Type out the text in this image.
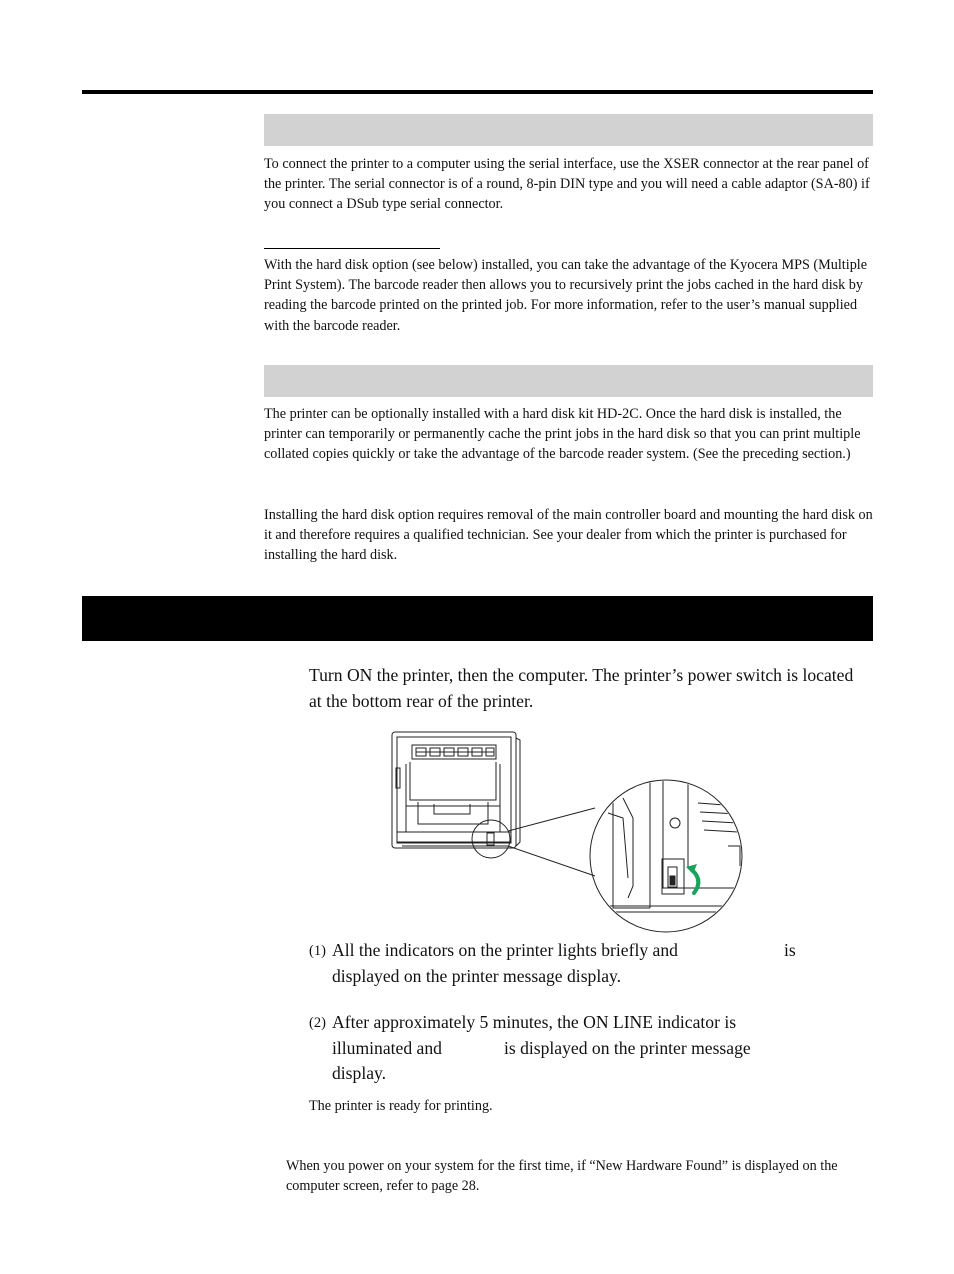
To connect the printer to a computer using the serial interface, use the XSER connector at the rear panel of the printer. The serial connector is of a round, 8-pin DIN type and you will need a cable adaptor (SA-80) if you connect a DSub type serial connector.

With the hard disk option (see below) installed, you can take the advantage of the Kyocera MPS (Multiple Print System). The barcode reader then allows you to recursively print the jobs cached in the hard disk by reading the barcode printed on the printed job. For more information, refer to the user’s manual supplied with the barcode reader.

The printer can be optionally installed with a hard disk kit HD-2C. Once the hard disk is installed, the printer can temporarily or permanently cache the print jobs in the hard disk so that you can print multiple collated copies quickly or take the advantage of the barcode reader system. (See the preceding section.)

Installing the hard disk option requires removal of the main controller board and mounting the hard disk on it and therefore requires a qualified technician. See your dealer from which the printer is purchased for installing the hard disk.

Turn ON the printer, then the computer. The printer’s power switch is located at the bottom rear of the printer.
(1) All the indicators on the printer lights briefly and	is
displayed on the printer message display.
(2) After approximately 5 minutes, the ON LINE indicator is
illuminated and	is displayed on the printer message
display.
The printer is ready for printing.
When you power on your system for the first time, if “New Hardware Found” is displayed on the computer screen, refer to page 28.
